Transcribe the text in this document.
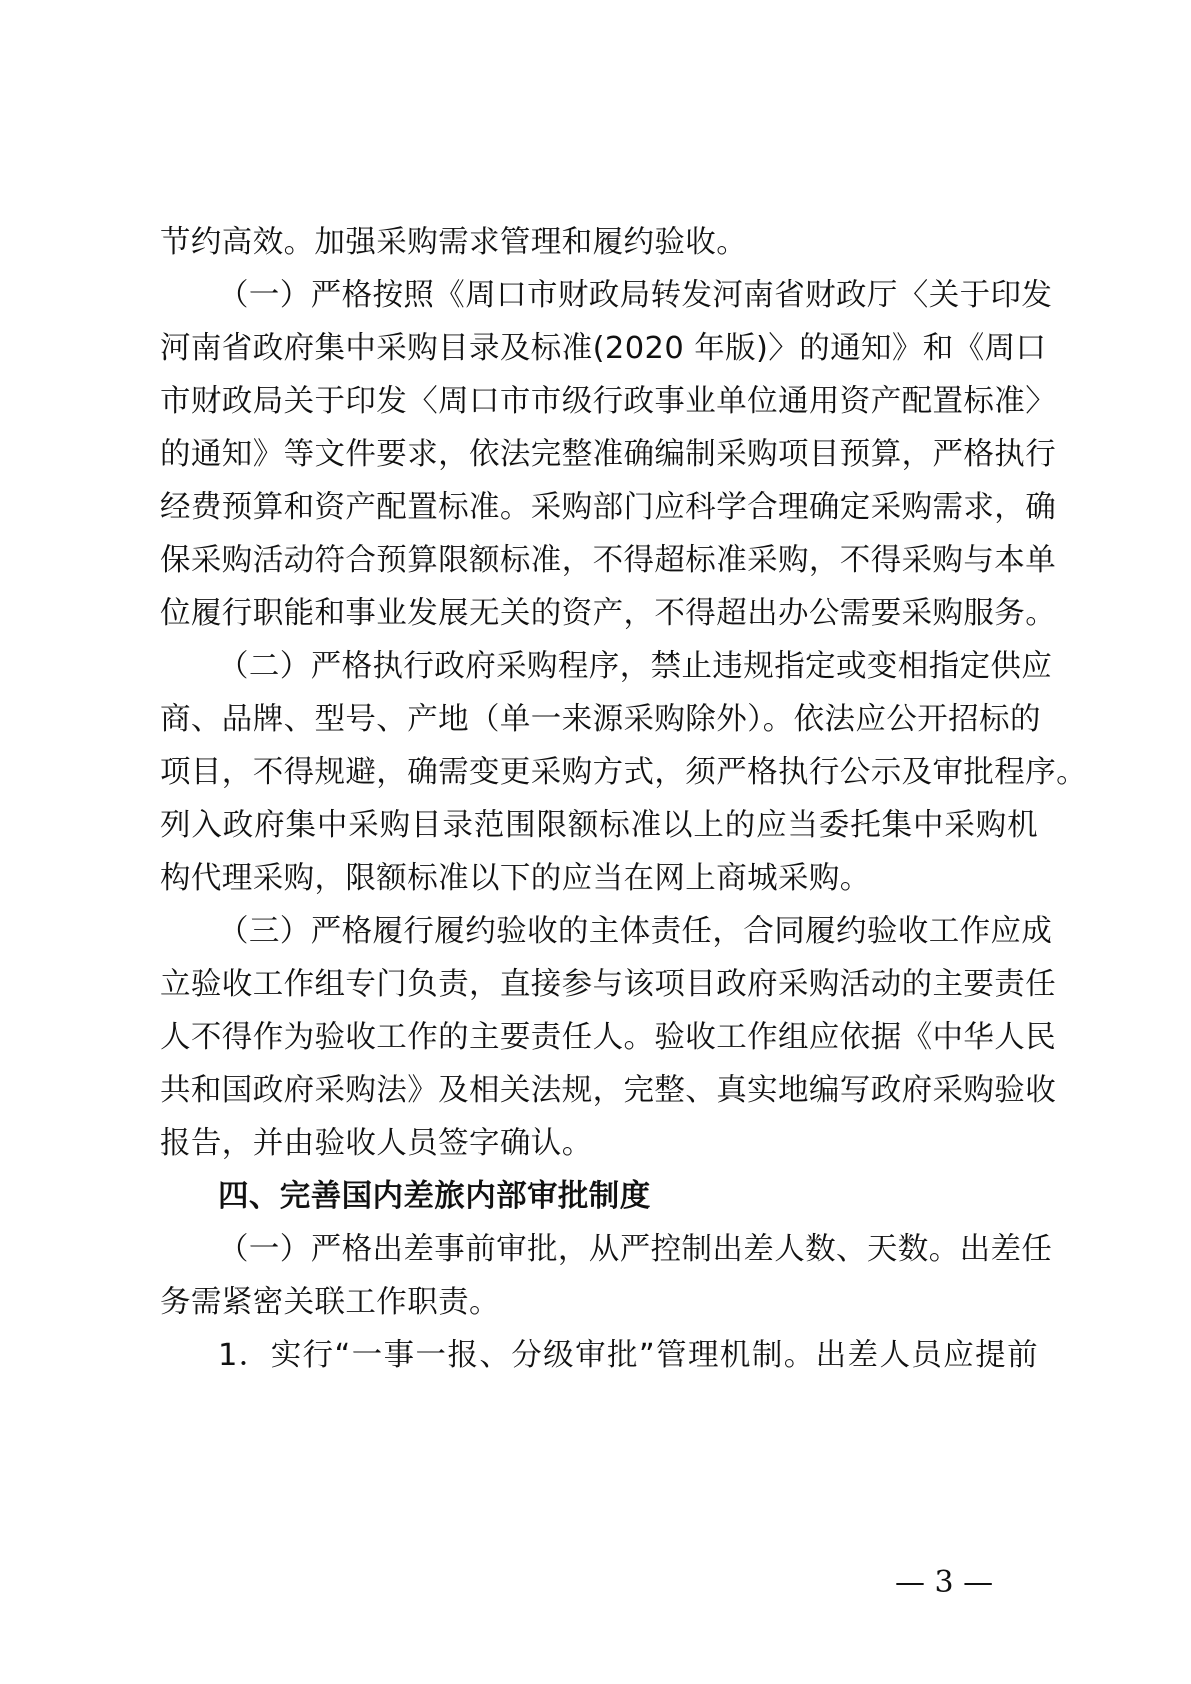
节约高效。加强采购需求管理和履约验收。
（一）严格按照《周口市财政局转发河南省财政厅〈关于印发
河南省政府集中采购目录及标准(2020 年版)〉的通知》和《周口
市财政局关于印发〈周口市市级行政事业单位通用资产配置标准〉
的通知》等文件要求，依法完整准确编制采购项目预算，严格执行
经费预算和资产配置标准。采购部门应科学合理确定采购需求，确
保采购活动符合预算限额标准，不得超标准采购，不得采购与本单
位履行职能和事业发展无关的资产，不得超出办公需要采购服务。
（二）严格执行政府采购程序，禁止违规指定或变相指定供应
商、品牌、型号、产地（单一来源采购除外）。依法应公开招标的
项目，不得规避，确需变更采购方式，须严格执行公示及审批程序。
列入政府集中采购目录范围限额标准以上的应当委托集中采购机
构代理采购，限额标准以下的应当在网上商城采购。
（三）严格履行履约验收的主体责任，合同履约验收工作应成
立验收工作组专门负责，直接参与该项目政府采购活动的主要责任
人不得作为验收工作的主要责任人。验收工作组应依据《中华人民
共和国政府采购法》及相关法规，完整、真实地编写政府采购验收
报告，并由验收人员签字确认。
四、完善国内差旅内部审批制度
（一）严格出差事前审批，从严控制出差人数、天数。出差任
务需紧密关联工作职责。
1．实行“一事一报、分级审批”管理机制。出差人员应提前
— 3 —
